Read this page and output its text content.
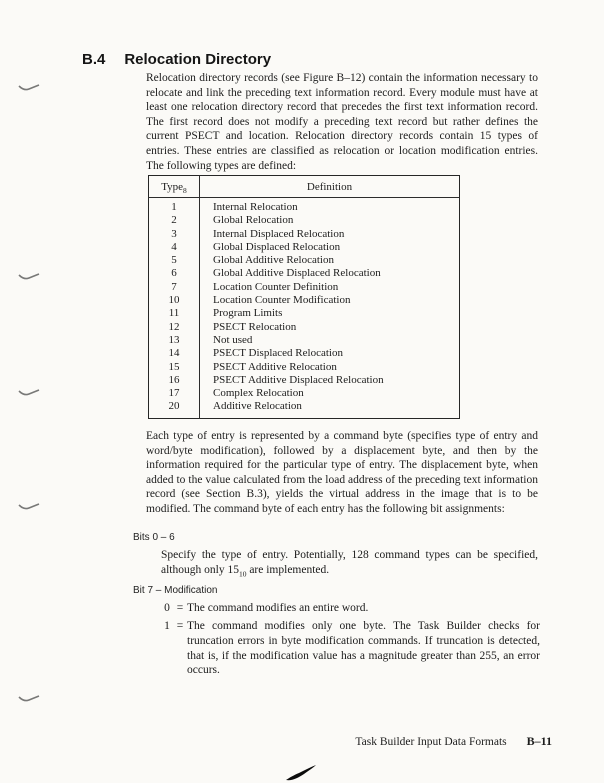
B.4 Relocation Directory

Relocation directory records (see Figure B–12) contain the information necessary to relocate and link the preceding text information record. Every module must have at least one relocation directory record that precedes the first text information record. The first record does not modify a preceding text record but rather defines the current PSECT and location. Relocation directory records contain 15 types of entries. These entries are classified as relocation or location modification entries. The following types are defined:

Type$_8$	Definition
1	Internal Relocation
2	Global Relocation
3	Internal Displaced Relocation
4	Global Displaced Relocation
5	Global Additive Relocation
6	Global Additive Displaced Relocation
7	Location Counter Definition
10	Location Counter Modification
11	Program Limits
12	PSECT Relocation
13	Not used
14	PSECT Displaced Relocation
15	PSECT Additive Relocation
16	PSECT Additive Displaced Relocation
17	Complex Relocation
20	Additive Relocation

Each type of entry is represented by a command byte (specifies type of entry and word/byte modification), followed by a displacement byte, and then by the information required for the particular type of entry. The displacement byte, when added to the value calculated from the load address of the preceding text information record (see Section B.3), yields the virtual address in the image that is to be modified. The command byte of each entry has the following bit assignments:

Bits 0 – 6

Specify the type of entry. Potentially, 128 command types can be specified, although only $15_{10}$ are implemented.

Bit 7 – Modification
0 = The command modifies an entire word.
1 = The command modifies only one byte. The Task Builder checks for truncation errors in byte modification commands. If truncation is detected, that is, if the modification value has a magnitude greater than 255, an error occurs.
Task Builder Input Data Formats B–11
